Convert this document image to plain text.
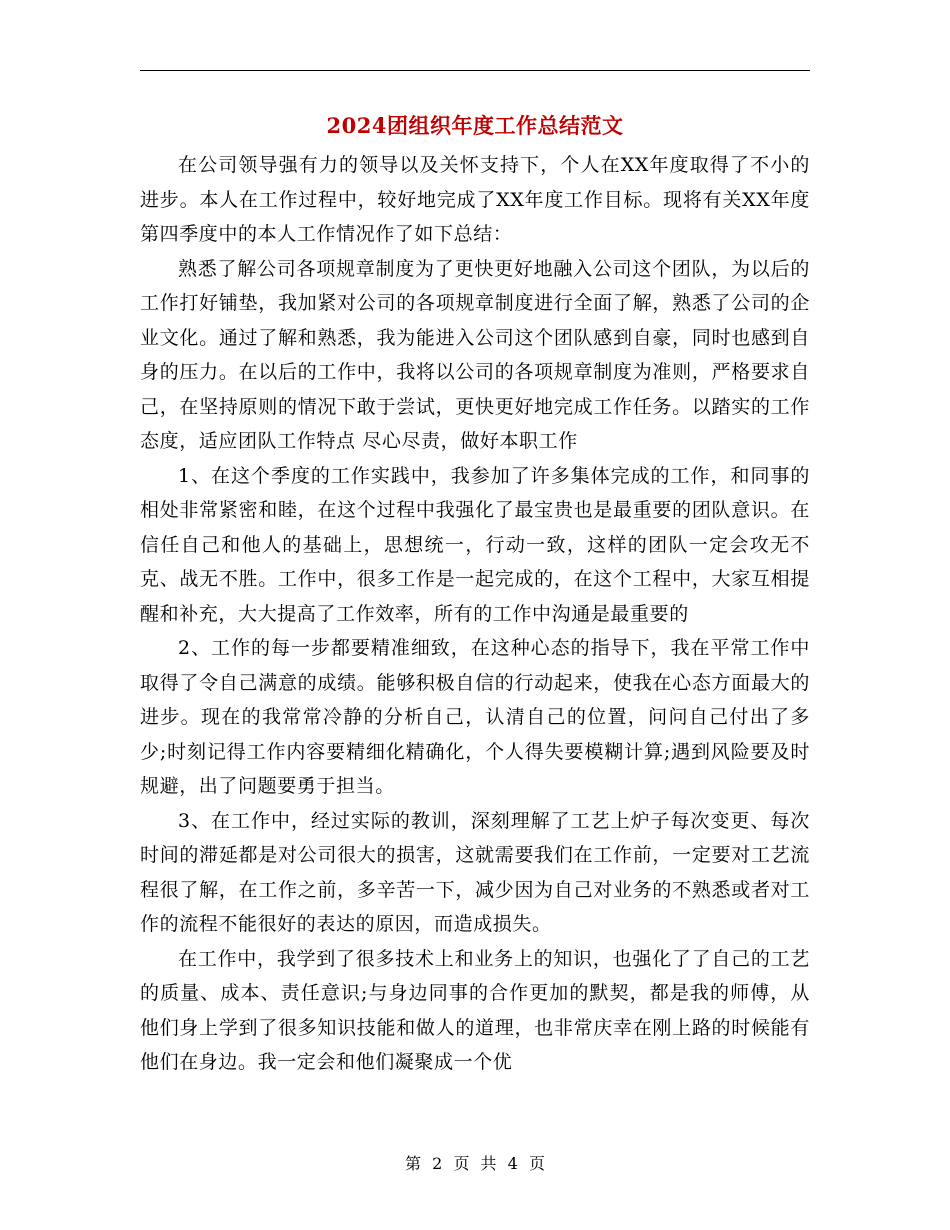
2024团组织年度工作总结范文

在公司领导强有力的领导以及关怀支持下，个人在XX年度取得了不小的进步。本人在工作过程中，较好地完成了XX年度工作目标。现将有关XX年度第四季度中的本人工作情况作了如下总结：

熟悉了解公司各项规章制度为了更快更好地融入公司这个团队，为以后的工作打好铺垫，我加紧对公司的各项规章制度进行全面了解，熟悉了公司的企业文化。通过了解和熟悉，我为能进入公司这个团队感到自豪，同时也感到自身的压力。在以后的工作中，我将以公司的各项规章制度为准则，严格要求自己，在坚持原则的情况下敢于尝试，更快更好地完成工作任务。以踏实的工作态度，适应团队工作特点 尽心尽责，做好本职工作

1、在这个季度的工作实践中，我参加了许多集体完成的工作，和同事的相处非常紧密和睦，在这个过程中我强化了最宝贵也是最重要的团队意识。在信任自己和他人的基础上，思想统一，行动一致，这样的团队一定会攻无不克、战无不胜。工作中，很多工作是一起完成的，在这个工程中，大家互相提醒和补充，大大提高了工作效率，所有的工作中沟通是最重要的

2、工作的每一步都要精准细致，在这种心态的指导下，我在平常工作中取得了令自己满意的成绩。能够积极自信的行动起来，使我在心态方面最大的进步。现在的我常常冷静的分析自己，认清自己的位置，问问自己付出了多少;时刻记得工作内容要精细化精确化，个人得失要模糊计算;遇到风险要及时规避，出了问题要勇于担当。

3、在工作中，经过实际的教训，深刻理解了工艺上炉子每次变更、每次时间的滞延都是对公司很大的损害，这就需要我们在工作前，一定要对工艺流程很了解，在工作之前，多辛苦一下，减少因为自己对业务的不熟悉或者对工作的流程不能很好的表达的原因，而造成损失。

在工作中，我学到了很多技术上和业务上的知识，也强化了了自己的工艺的质量、成本、责任意识;与身边同事的合作更加的默契，都是我的师傅，从他们身上学到了很多知识技能和做人的道理，也非常庆幸在刚上路的时候能有他们在身边。我一定会和他们凝聚成一个优

第 2 页 共 4 页
